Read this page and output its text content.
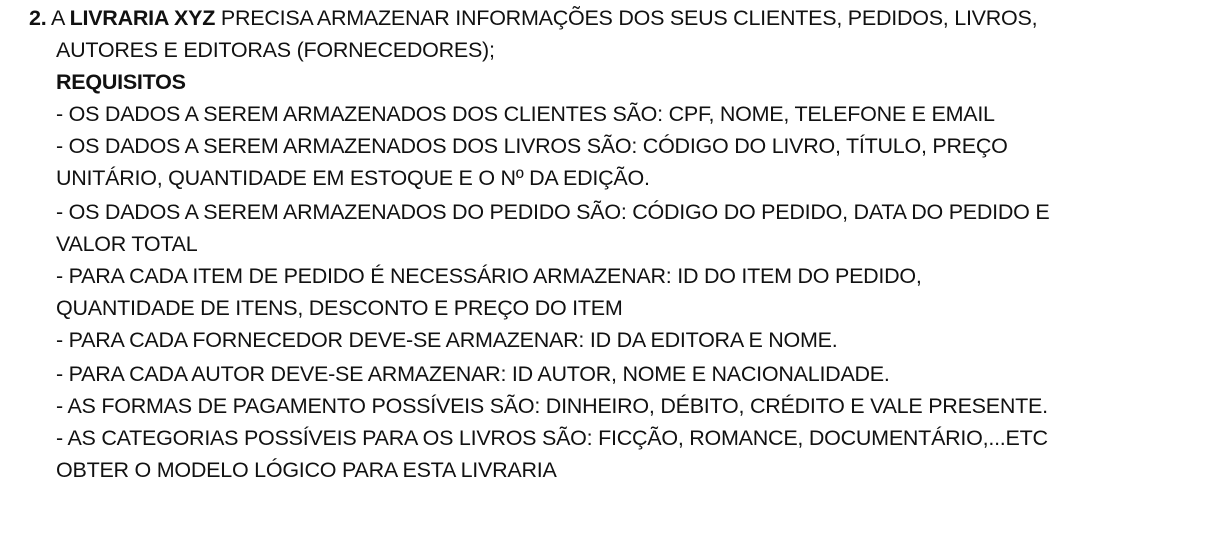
2. A LIVRARIA XYZ PRECISA ARMAZENAR INFORMAÇÕES DOS SEUS CLIENTES, PEDIDOS, LIVROS,
AUTORES E EDITORAS (FORNECEDORES);
REQUISITOS
- OS DADOS A SEREM ARMAZENADOS DOS CLIENTES SÃO: CPF, NOME, TELEFONE E EMAIL
- OS DADOS A SEREM ARMAZENADOS DOS LIVROS SÃO: CÓDIGO DO LIVRO, TÍTULO, PREÇO
UNITÁRIO, QUANTIDADE EM ESTOQUE E O Nº DA EDIÇÃO.
- OS DADOS A SEREM ARMAZENADOS DO PEDIDO SÃO: CÓDIGO DO PEDIDO, DATA DO PEDIDO E
VALOR TOTAL
- PARA CADA ITEM DE PEDIDO É NECESSÁRIO ARMAZENAR: ID DO ITEM DO PEDIDO,
QUANTIDADE DE ITENS, DESCONTO E PREÇO DO ITEM
- PARA CADA FORNECEDOR DEVE-SE ARMAZENAR: ID DA EDITORA E NOME.
- PARA CADA AUTOR DEVE-SE ARMAZENAR: ID AUTOR, NOME E NACIONALIDADE.
- AS FORMAS DE PAGAMENTO POSSÍVEIS SÃO: DINHEIRO, DÉBITO, CRÉDITO E VALE PRESENTE.
- AS CATEGORIAS POSSÍVEIS PARA OS LIVROS SÃO: FICÇÃO, ROMANCE, DOCUMENTÁRIO,...ETC
OBTER O MODELO LÓGICO PARA ESTA LIVRARIA
